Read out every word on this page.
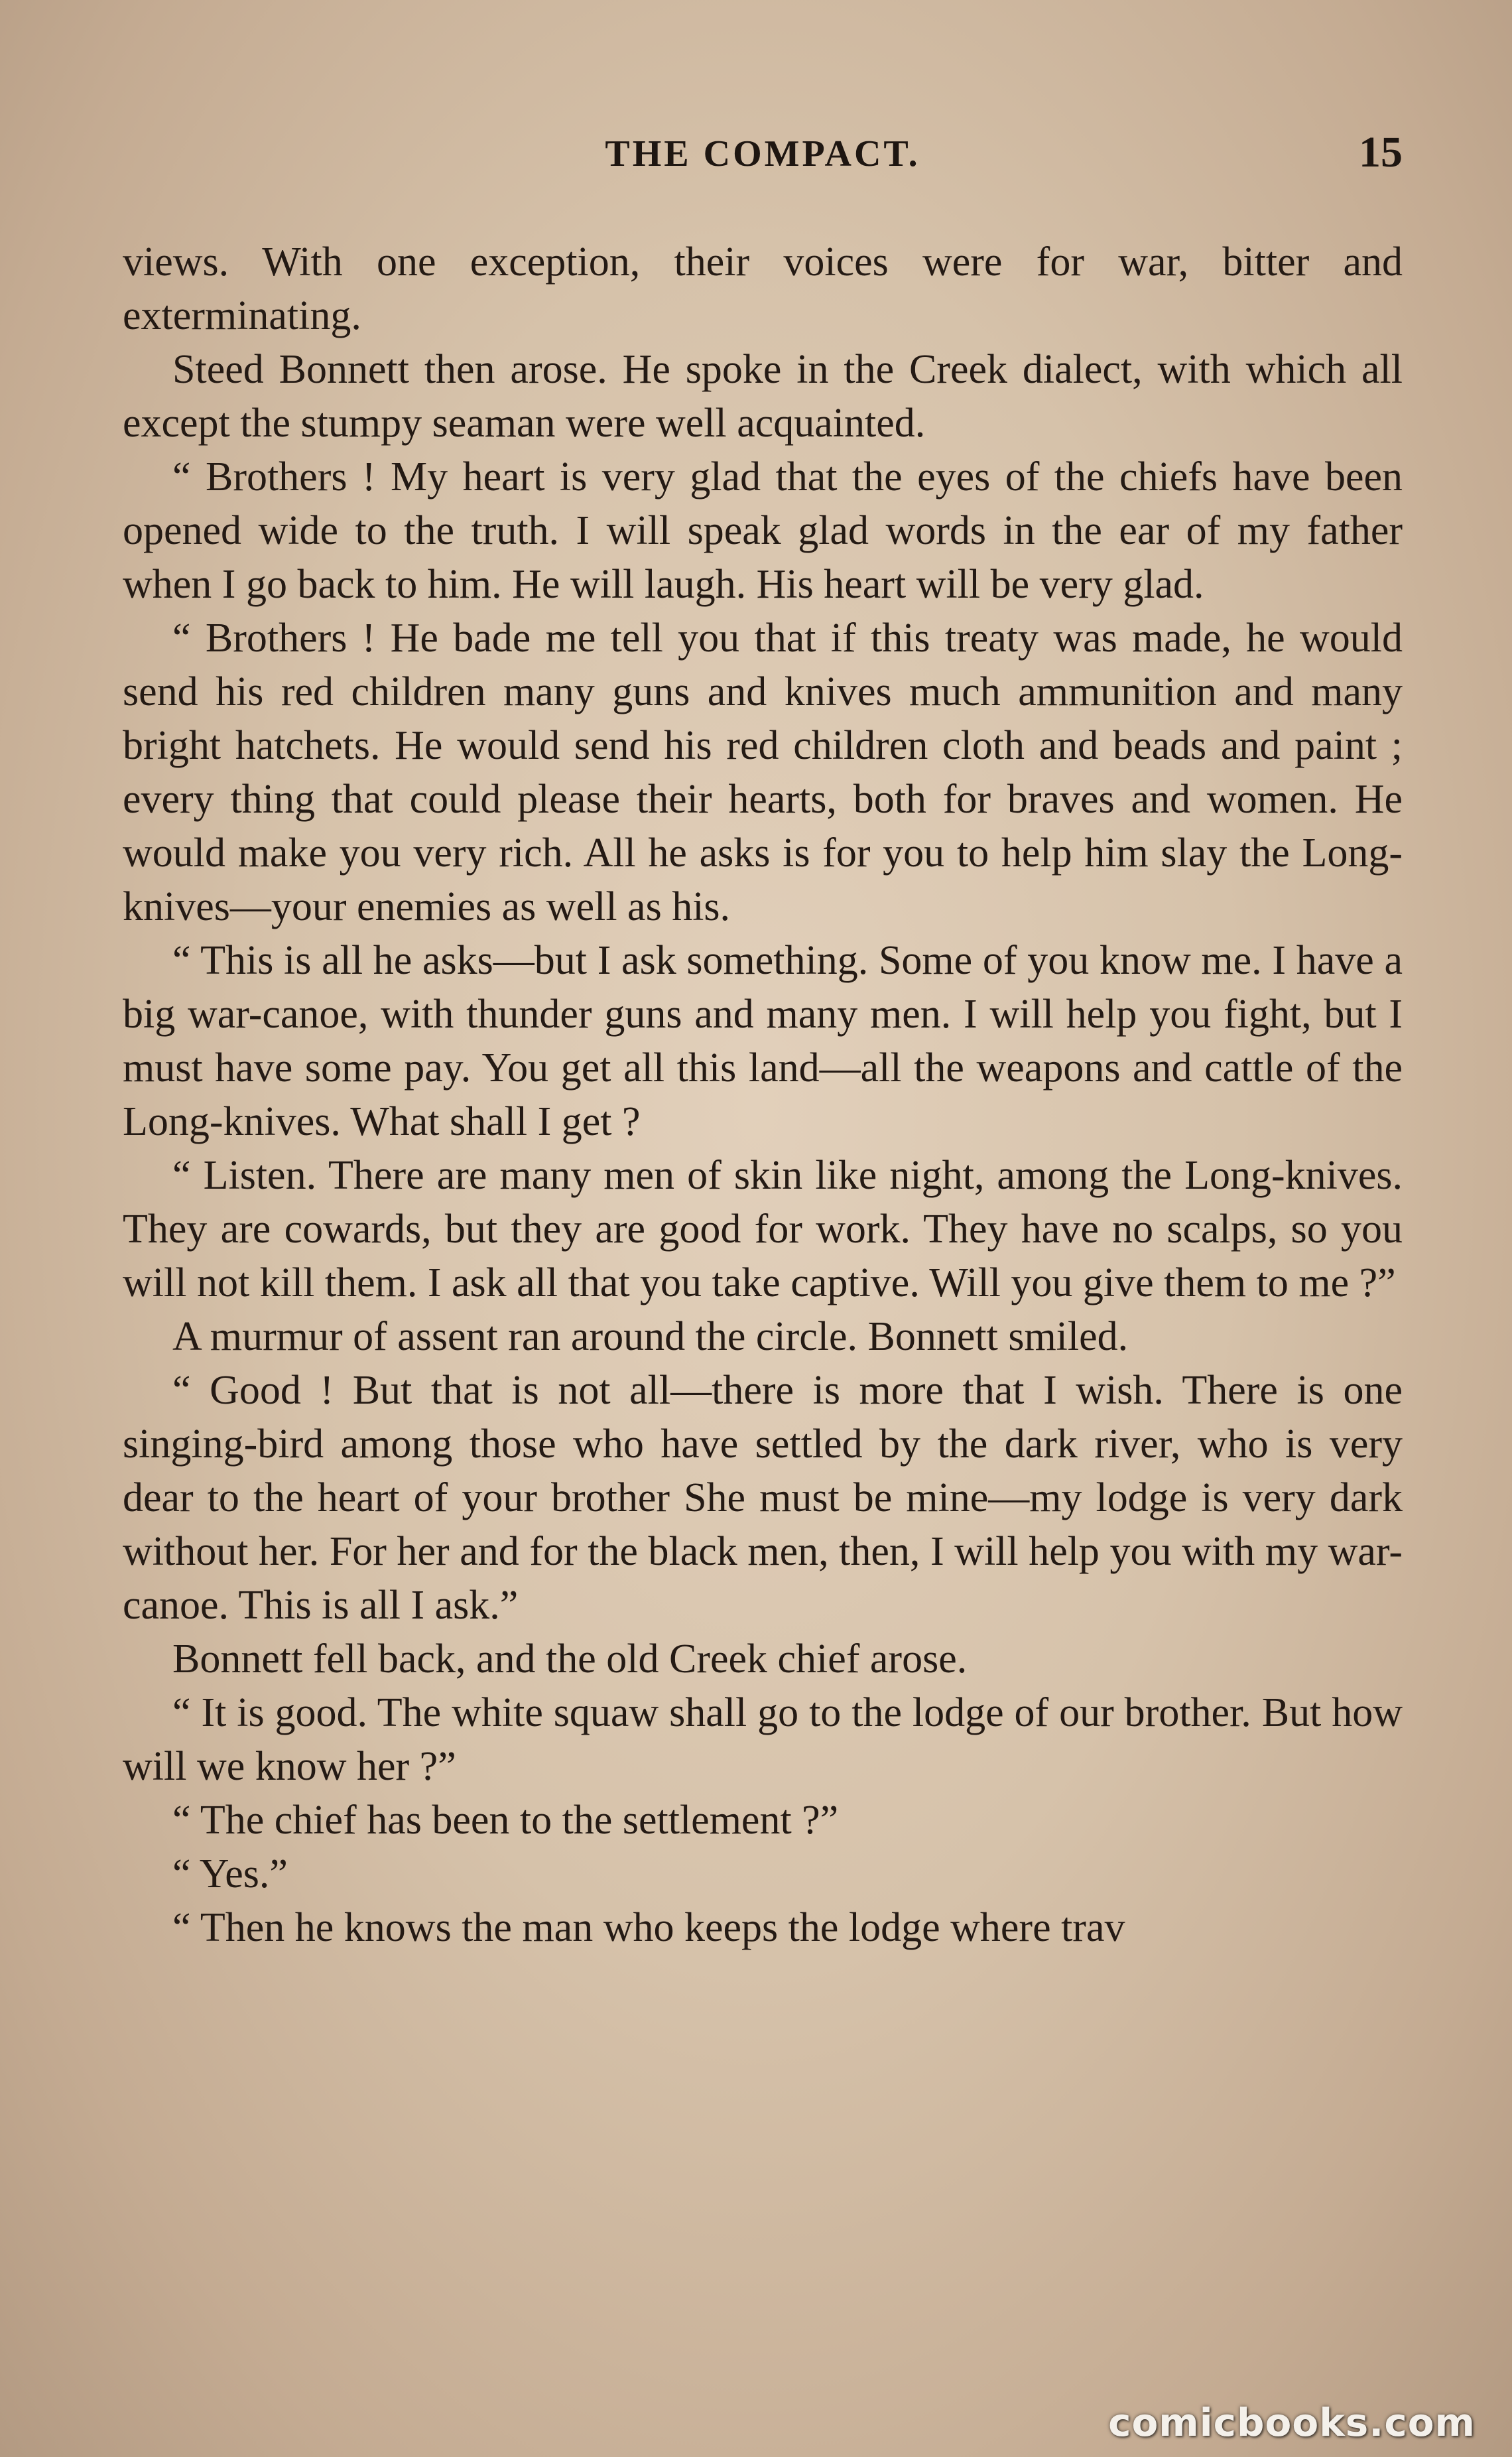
THE COMPACT.	15

views. With one exception, their voices were for war, bitter and exterminating.

Steed Bonnett then arose. He spoke in the Creek dialect, with which all except the stumpy seaman were well acquainted.

“ Brothers ! My heart is very glad that the eyes of the chiefs have been opened wide to the truth. I will speak glad words in the ear of my father when I go back to him. He will laugh. His heart will be very glad.

“ Brothers ! He bade me tell you that if this treaty was made, he would send his red children many guns and knives much ammunition and many bright hatchets. He would send his red children cloth and beads and paint ; every thing that could please their hearts, both for braves and women. He would make you very rich. All he asks is for you to help him slay the Long-knives—your enemies as well as his.

“ This is all he asks—but I ask something. Some of you know me. I have a big war-canoe, with thunder guns and many men. I will help you fight, but I must have some pay. You get all this land—all the weapons and cattle of the Long-knives. What shall I get ?

“ Listen. There are many men of skin like night, among the Long-knives. They are cowards, but they are good for work. They have no scalps, so you will not kill them. I ask all that you take captive. Will you give them to me ?”

A murmur of assent ran around the circle. Bonnett smiled.

“ Good ! But that is not all—there is more that I wish. There is one singing-bird among those who have settled by the dark river, who is very dear to the heart of your brother She must be mine—my lodge is very dark without her. For her and for the black men, then, I will help you with my war-canoe. This is all I ask.”

Bonnett fell back, and the old Creek chief arose.

“ It is good. The white squaw shall go to the lodge of our brother. But how will we know her ?”

“ The chief has been to the settlement ?”

“ Yes.”

“ Then he knows the man who keeps the lodge where trav

comicbooks.com
